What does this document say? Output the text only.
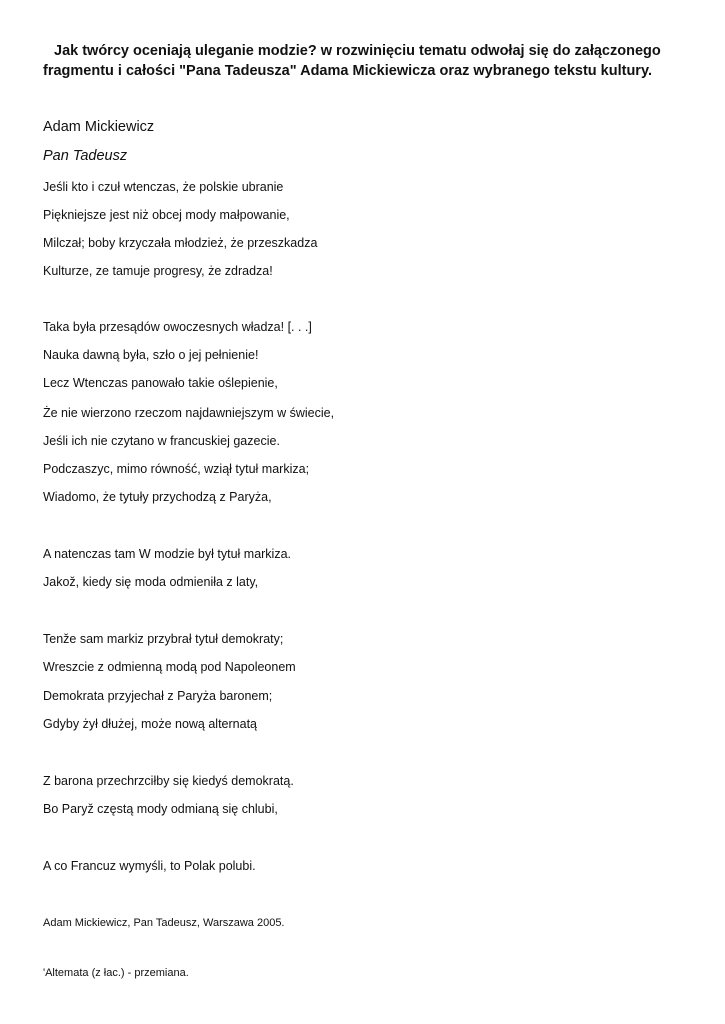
Jak twórcy oceniają uleganie modzie? w rozwinięciu tematu odwołaj się do załączonego fragmentu i całości "Pana Tadeusza" Adama Mickiewicza oraz wybranego tekstu kultury.
Adam Mickiewicz
Pan Tadeusz
Jeśli kto i czuł wtenczas, że polskie ubranie
Piękniejsze jest niż obcej mody małpowanie,
Milczał; boby krzyczała młodzież, że przeszkadza
Kulturze, ze tamuje progresy, że zdradza!
Taka była przesądów owoczesnych władza! [. . .]
Nauka dawną była, szło o jej pełnienie!
Lecz Wtenczas panowało takie oślepienie,
Że nie wierzono rzeczom najdawniejszym w świecie,
Jeśli ich nie czytano w francuskiej gazecie.
Podczaszyc, mimo równość, wziął tytuł markiza;
Wiadomo, że tytuły przychodzą z Paryża,
A natenczas tam W modzie był tytuł markiza.
Jakož, kiedy się moda odmieniła z laty,
Tenže sam markiz przybrał tytuł demokraty;
Wreszcie z odmienną modą pod Napoleonem
Demokrata przyjechał z Paryża baronem;
Gdyby żył dłużej, może nową alternatą
Z barona przechrzciłby się kiedyś demokratą.
Bo Paryž częstą mody odmianą się chlubi,
A co Francuz wymyśli, to Polak polubi.
Adam Mickiewicz, Pan Tadeusz, Warszawa 2005.
'Altemata (z łac.) - przemiana.
